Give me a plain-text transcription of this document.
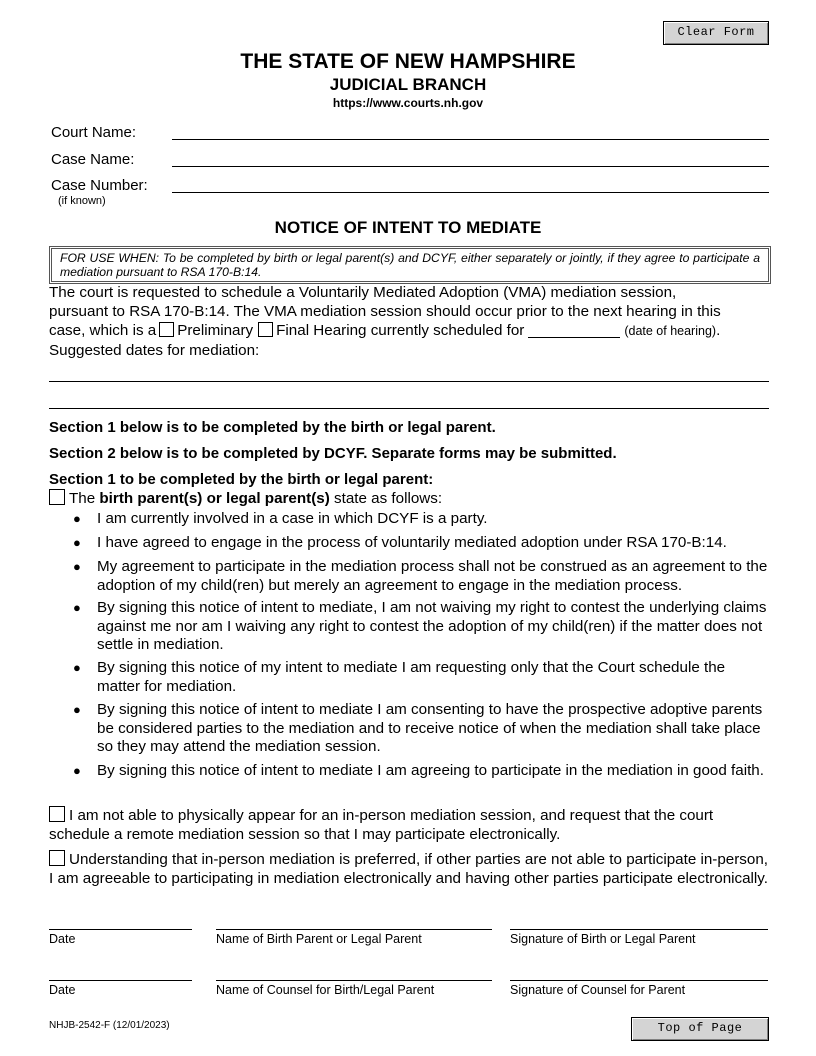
Clear Form
THE STATE OF NEW HAMPSHIRE
JUDICIAL BRANCH
https://www.courts.nh.gov
Court Name:
Case Name:
Case Number:
(if known)
NOTICE OF INTENT TO MEDIATE
FOR USE WHEN: To be completed by birth or legal parent(s) and DCYF, either separately or jointly, if they agree to participate a mediation pursuant to RSA 170-B:14.
The court is requested to schedule a Voluntarily Mediated Adoption (VMA) mediation session,
pursuant to RSA 170-B:14. The VMA mediation session should occur prior to the next hearing in this
case, which is a Preliminary Final Hearing currently scheduled for	(date of hearing).
Suggested dates for mediation:
Section 1 below is to be completed by the birth or legal parent.
Section 2 below is to be completed by DCYF. Separate forms may be submitted.
Section 1 to be completed by the birth or legal parent:
The birth parent(s) or legal parent(s) state as follows:
● I am currently involved in a case in which DCYF is a party.
● I have agreed to engage in the process of voluntarily mediated adoption under RSA 170-B:14.
● My agreement to participate in the mediation process shall not be construed as an agreement to the adoption of my child(ren) but merely an agreement to engage in the mediation process.
● By signing this notice of intent to mediate, I am not waiving my right to contest the underlying claims against me nor am I waiving any right to contest the adoption of my child(ren) if the matter does not settle in mediation.
● By signing this notice of my intent to mediate I am requesting only that the Court schedule the matter for mediation.
● By signing this notice of intent to mediate I am consenting to have the prospective adoptive parents be considered parties to the mediation and to receive notice of when the mediation shall take place so they may attend the mediation session.
● By signing this notice of intent to mediate I am agreeing to participate in the mediation in good faith.
I am not able to physically appear for an in-person mediation session, and request that the court schedule a remote mediation session so that I may participate electronically.
Understanding that in-person mediation is preferred, if other parties are not able to participate in-person, I am agreeable to participating in mediation electronically and having other parties participate electronically.
Date	Name of Birth Parent or Legal Parent	Signature of Birth or Legal Parent
Date	Name of Counsel for Birth/Legal Parent	Signature of Counsel for Parent
NHJB-2542-F (12/01/2023)	Top of Page
